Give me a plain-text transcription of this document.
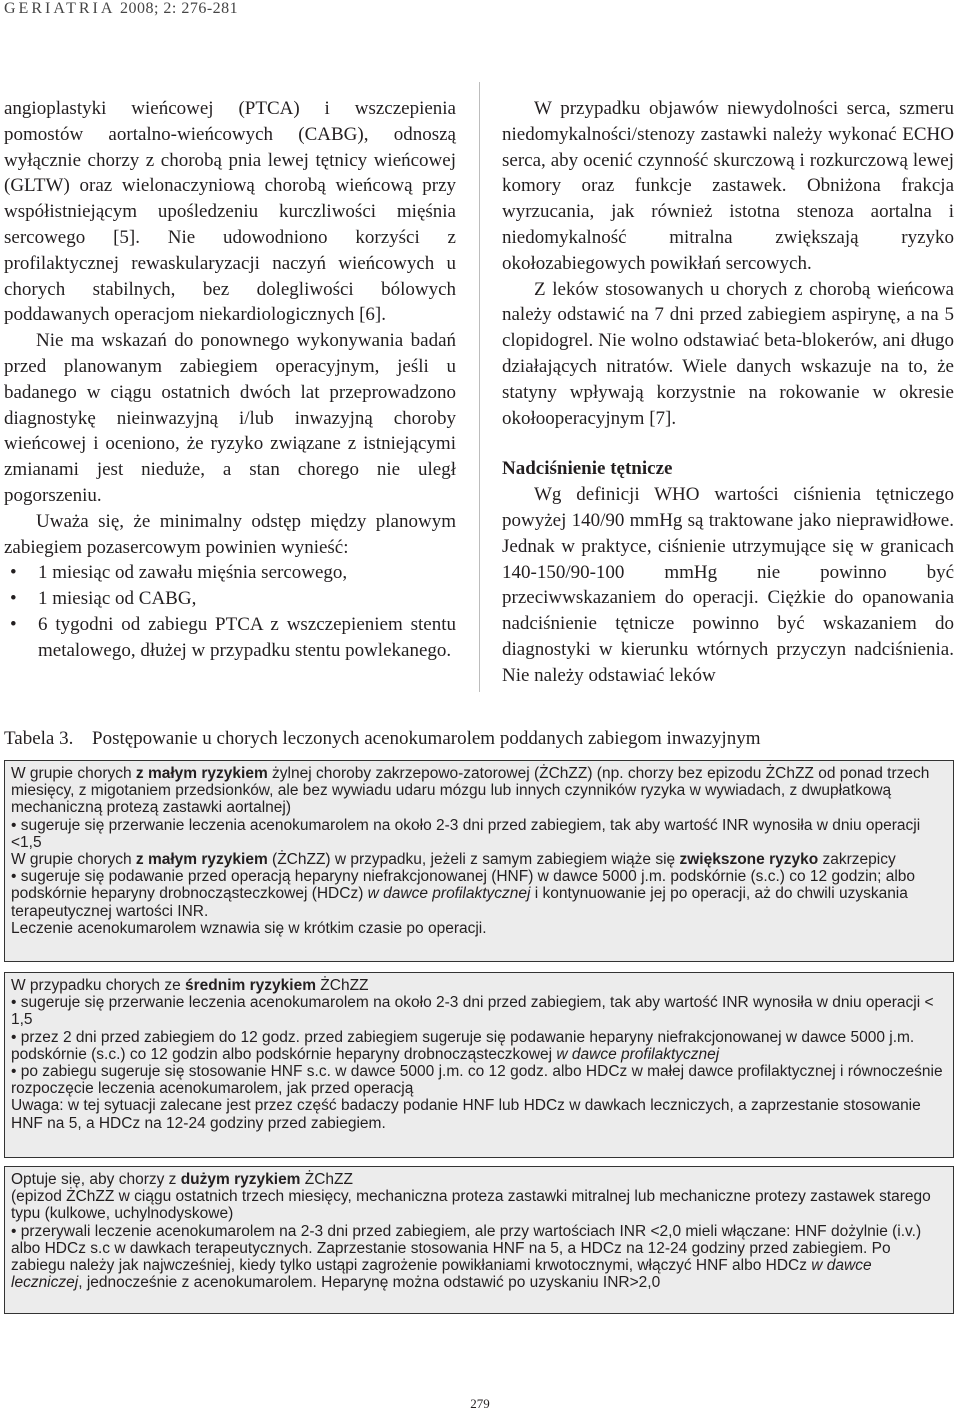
GERIATRIA 2008; 2: 276-281

angioplastyki wieńcowej (PTCA) i wszczepienia pomostów aortalno-wieńcowych (CABG), odnoszą wyłącznie chorzy z chorobą pnia lewej tętnicy wieńcowej (GLTW) oraz wielonaczyniową chorobą wieńcową przy współistniejącym upośledzeniu kurczliwości mięśnia sercowego [5]. Nie udowodniono korzyści z profilaktycznej rewaskularyzacji naczyń wieńcowych u chorych stabilnych, bez dolegliwości bólowych poddawanych operacjom niekardiologicznych [6].

Nie ma wskazań do ponownego wykonywania badań przed planowanym zabiegiem operacyjnym, jeśli u badanego w ciągu ostatnich dwóch lat przeprowadzono diagnostykę nieinwazyjną i/lub inwazyjną choroby wieńcowej i oceniono, że ryzyko związane z istniejącymi zmianami jest nieduże, a stan chorego nie uległ pogorszeniu.

Uważa się, że minimalny odstęp między planowym zabiegiem pozasercowym powinien wynieść:

• 1 miesiąc od zawału mięśnia sercowego,
• 1 miesiąc od CABG,
• 6 tygodni od zabiegu PTCA z wszczepieniem stentu metalowego, dłużej w przypadku stentu powlekanego.

W przypadku objawów niewydolności serca, szmeru niedomykalności/stenozy zastawki należy wykonać ECHO serca, aby ocenić czynność skurczową i rozkurczową lewej komory oraz funkcje zastawek. Obniżona frakcja wyrzucania, jak również istotna stenoza aortalna i niedomykalność mitralna zwiększają ryzyko okołozabiegowych powikłań sercowych.

Z leków stosowanych u chorych z chorobą wieńcowa należy odstawić na 7 dni przed zabiegiem aspirynę, a na 5 clopidogrel. Nie wolno odstawiać beta-blokerów, ani długo działających nitratów. Wiele danych wskazuje na to, że statyny wpływają korzystnie na rokowanie w okresie okołooperacyjnym [7].

Nadciśnienie tętnicze

Wg definicji WHO wartości ciśnienia tętniczego powyżej 140/90 mmHg są traktowane jako nieprawidłowe. Jednak w praktyce, ciśnienie utrzymujące się w granicach 140-150/90-100 mmHg nie powinno być przeciwwskazaniem do operacji. Ciężkie do opanowania nadciśnienie tętnicze powinno być wskazaniem do diagnostyki w kierunku wtórnych przyczyn nadciśnienia. Nie należy odstawiać leków

Tabela 3. Postępowanie u chorych leczonych acenokumarolem poddanych zabiegom inwazyjnym

W grupie chorych z małym ryzykiem żylnej choroby zakrzepowo-zatorowej (ŻChZZ) (np. chorzy bez epizodu ŻChZZ od ponad trzech miesięcy, z migotaniem przedsionków, ale bez wywiadu udaru mózgu lub innych czynników ryzyka w wywiadach, z dwupłatkową mechaniczną protezą zastawki aortalnej)

• sugeruje się przerwanie leczenia acenokumarolem na około 2-3 dni przed zabiegiem, tak aby wartość INR wynosiła w dniu operacji <1,5

W grupie chorych z małym ryzykiem (ŻChZZ) w przypadku, jeżeli z samym zabiegiem wiąże się zwiększone ryzyko zakrzepicy

• sugeruje się podawanie przed operacją heparyny niefrakcjonowanej (HNF) w dawce 5000 j.m. podskórnie (s.c.) co 12 godzin; albo podskórnie heparyny drobnocząsteczkowej (HDCz) w dawce profilaktycznej i kontynuowanie jej po operacji, aż do chwili uzyskania terapeutycznej wartości INR.

Leczenie acenokumarolem wznawia się w krótkim czasie po operacji.

W przypadku chorych ze średnim ryzykiem ŻChZZ

• sugeruje się przerwanie leczenia acenokumarolem na około 2-3 dni przed zabiegiem, tak aby wartość INR wynosiła w dniu operacji < 1,5

• przez 2 dni przed zabiegiem do 12 godz. przed zabiegiem sugeruje się podawanie heparyny niefrakcjonowanej w dawce 5000 j.m. podskórnie (s.c.) co 12 godzin albo podskórnie heparyny drobnocząsteczkowej w dawce profilaktycznej

• po zabiegu sugeruje się stosowanie HNF s.c. w dawce 5000 j.m. co 12 godz. albo HDCz w małej dawce profilaktycznej i równocześnie rozpoczęcie leczenia acenokumarolem, jak przed operacją

Uwaga: w tej sytuacji zalecane jest przez część badaczy podanie HNF lub HDCz w dawkach leczniczych, a zaprzestanie stosowanie HNF na 5, a HDCz na 12-24 godziny przed zabiegiem.

Optuje się, aby chorzy z dużym ryzykiem ŻChZZ

(epizod ŻChZZ w ciągu ostatnich trzech miesięcy, mechaniczna proteza zastawki mitralnej lub mechaniczne protezy zastawek starego typu (kulkowe, uchylnodyskowe)

• przerywali leczenie acenokumarolem na 2-3 dni przed zabiegiem, ale przy wartościach INR <2,0 mieli włączane: HNF dożylnie (i.v.) albo HDCz s.c w dawkach terapeutycznych. Zaprzestanie stosowania HNF na 5, a HDCz na 12-24 godziny przed zabiegiem. Po zabiegu należy jak najwcześniej, kiedy tylko ustąpi zagrożenie powikłaniami krwotocznymi, włączyć HNF albo HDCz w dawce leczniczej, jednocześnie z acenokumarolem. Heparynę można odstawić po uzyskaniu INR>2,0

279
